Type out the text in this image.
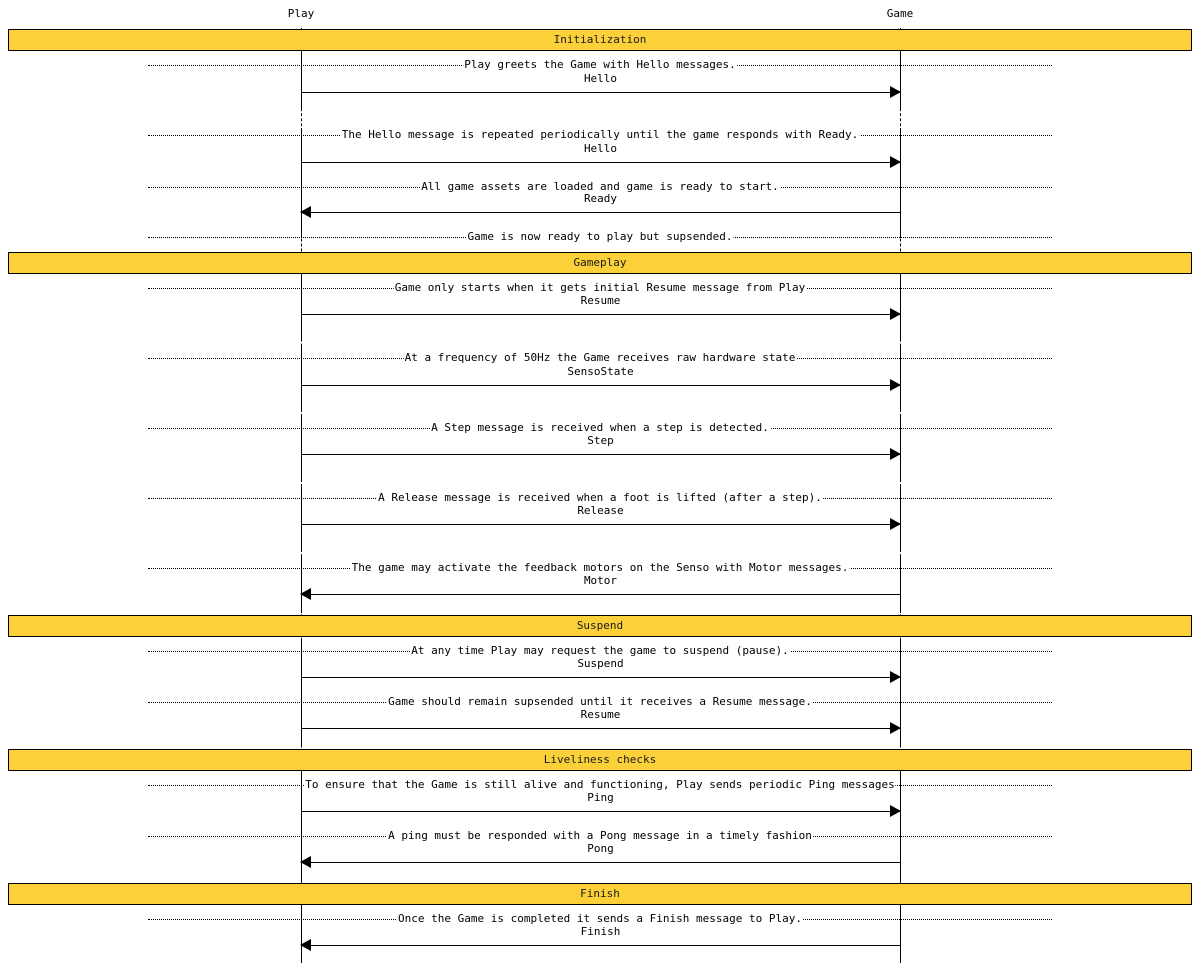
Play	Game
Initialization
Play greets the Game with Hello messages.
Hello
The Hello message is repeated periodically until the game responds with Ready.
Hello
All game assets are loaded and game is ready to start.
Ready
Game is now ready to play but supsended.
Gameplay
Game only starts when it gets initial Resume message from Play
Resume
At a frequency of 50Hz the Game receives raw hardware state
SensoState
A Step message is received when a step is detected.
Step
A Release message is received when a foot is lifted (after a step).
Release
The game may activate the feedback motors on the Senso with Motor messages.
Motor
Suspend
At any time Play may request the game to suspend (pause).
Suspend
Game should remain supsended until it receives a Resume message.
Resume
Liveliness checks
To ensure that the Game is still alive and functioning, Play sends periodic Ping messages
Ping
A ping must be responded with a Pong message in a timely fashion
Pong
Finish
Once the Game is completed it sends a Finish message to Play.
Finish
